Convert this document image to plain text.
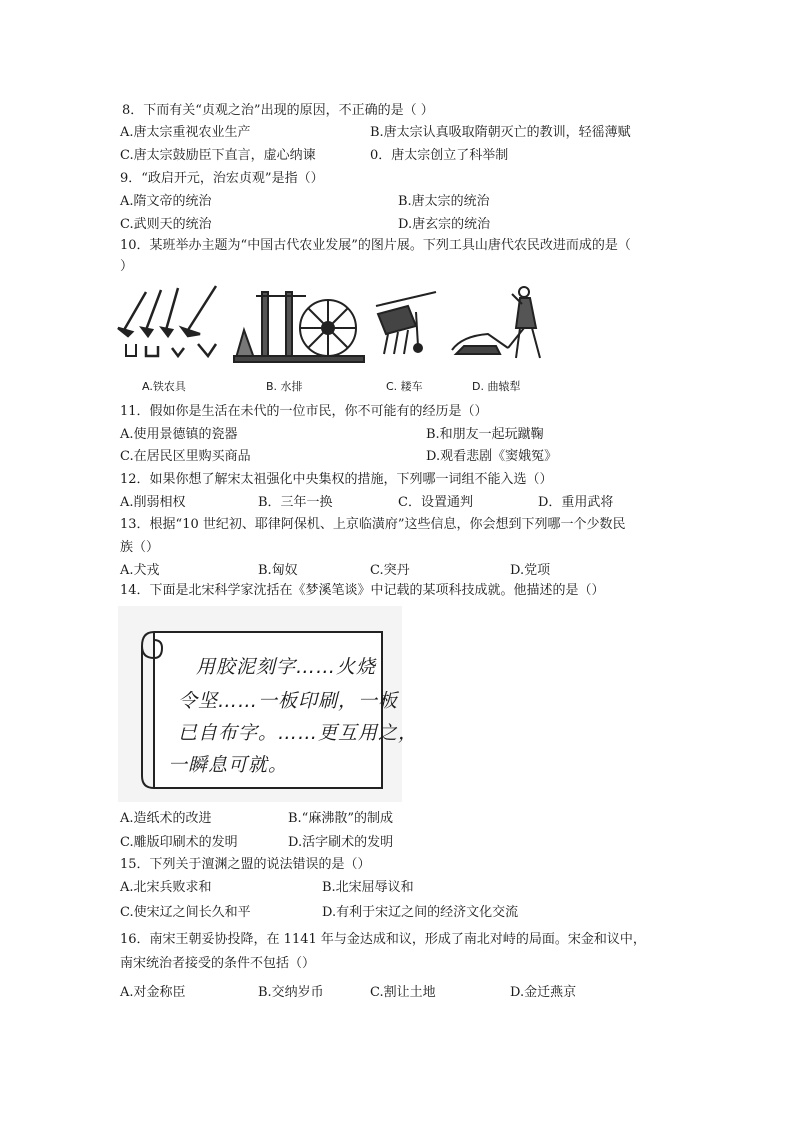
8．下而有关“贞观之治”出现的原因，不正确的是（ ）
A.唐太宗重视农业生产	B.唐太宗认真吸取隋朝灭亡的教训，轻徭薄赋
C.唐太宗鼓励臣下直言，虚心纳谏	0．唐太宗创立了科举制
9．“政启开元，治宏贞观”是指（）
A.隋文帝的统治	B.唐太宗的统治
C.武则天的统治	D.唐玄宗的统治
10．某班举办主题为“中国古代农业发展”的图片展。下列工具山唐代农民改进而成的是（
）
A.铁农具	B. 水排	C. 耧车	D. 曲辕犁
11．假如你是生活在未代的一位市民，你不可能有的经历是（）
A.使用景德镇的瓷器	B.和朋友一起玩蹴鞠
C.在居民区里购买商品	D.观看悲剧《窦娥冤》
12．如果你想了解宋太祖强化中央集权的措施，下列哪一词组不能入选（）
A.削弱相权	B．三年一换	C．设置通判	D．重用武将
13．根据“10 世纪初、耶律阿保机、上京临潢府”这些信息，你会想到下列哪一个少数民
族（）
A.犬戎	B.匈奴	C.突丹	D.党项
14．下面是北宋科学家沈括在《梦溪笔谈》中记载的某项科技成就。他描述的是（）
用胶泥刻字……火烧
令坚……一板印刷，一板
已自布字。……更互用之，
一瞬息可就。
A.造纸术的改进	B.“麻沸散”的制成
C.雕版印刷术的发明	D.活字刷术的发明
15．下列关于澶渊之盟的说法错误的是（）
A.北宋兵败求和	B.北宋屈辱议和
C.使宋辽之间长久和平	D.有利于宋辽之间的经济文化交流
16．南宋王朝妥协投降，在 1141 年与金达成和议，形成了南北对峙的局面。宋金和议中，
南宋统治者接受的条件不包括（）
A.对金称臣	B.交纳岁币	C.割让土地	D.金迁燕京
